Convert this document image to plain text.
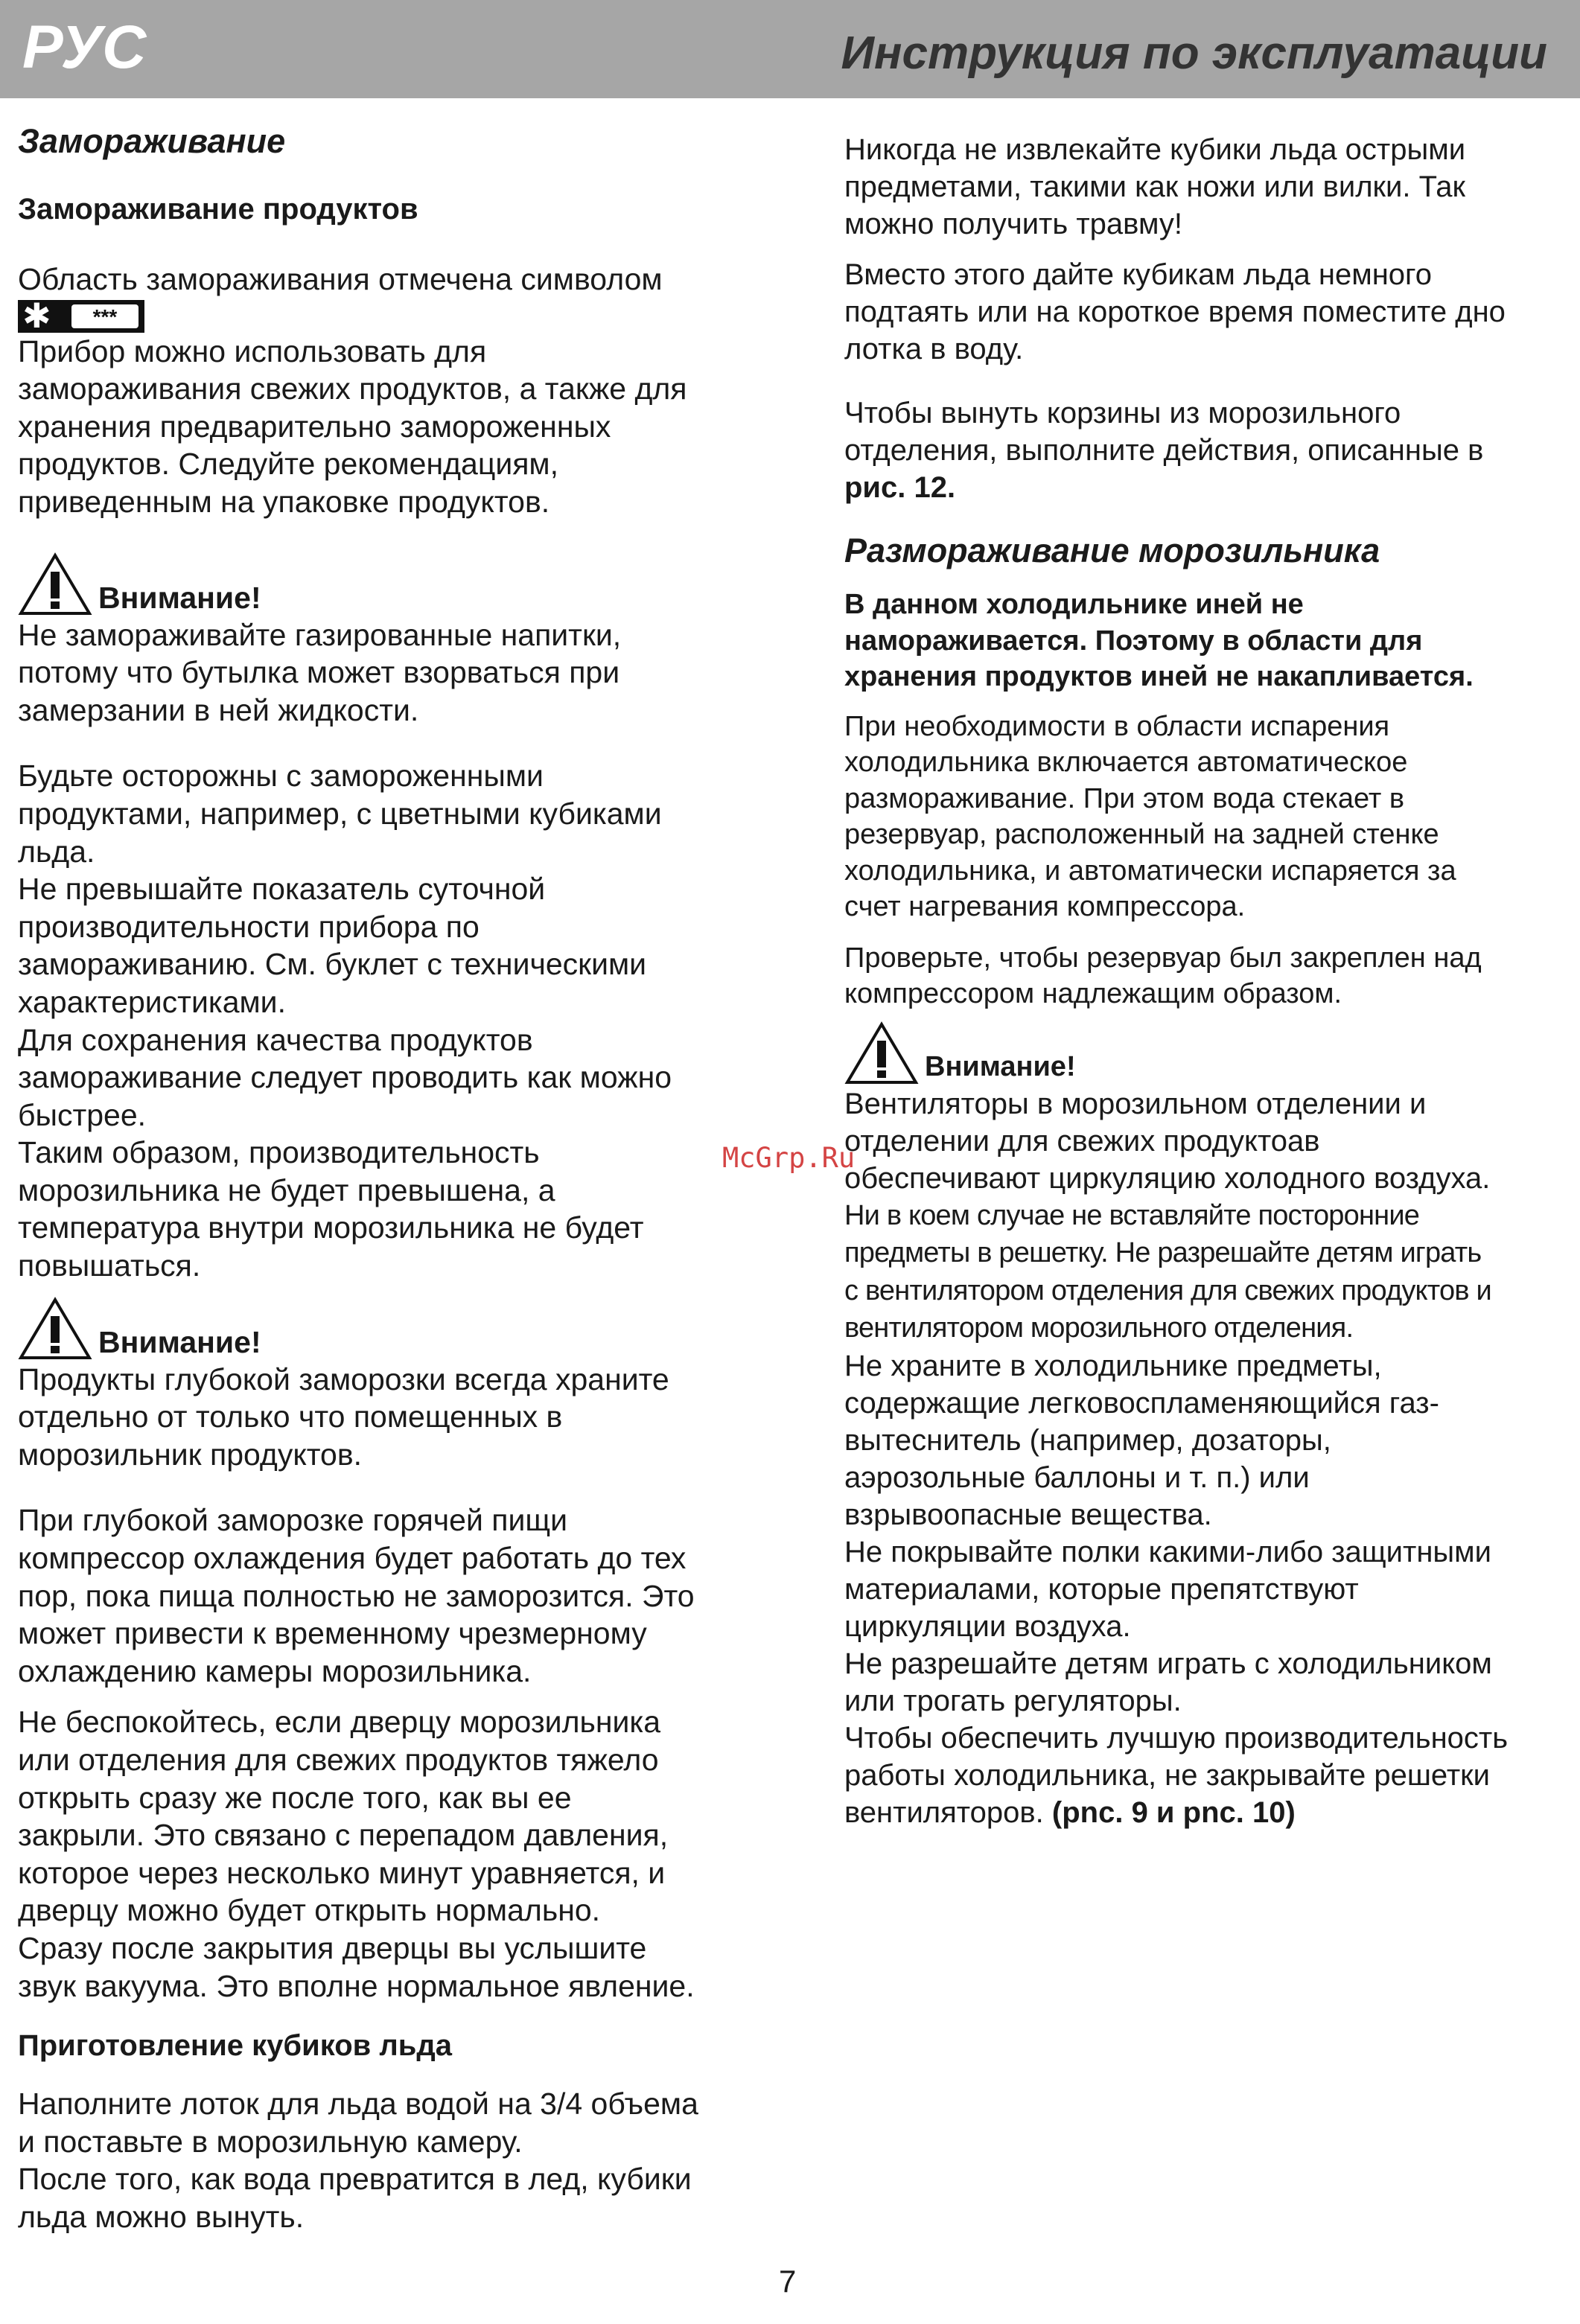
РУС	Инструкция по эксплуатации
Замораживание
Замораживание продуктов

Область замораживания отмечена символом

✱	***

Прибор можно использовать для
замораживания свежих продуктов, а также для
хранения предварительно замороженных
продуктов. Следуйте рекомендациям,
приведенным на упаковке продуктов.

Внимание!

Не замораживайте газированные напитки,
потому что бутылка может взорваться при
замерзании в ней жидкости.

Будьте осторожны с замороженными
продуктами, например, с цветными кубиками
льда.
Не превышайте показатель суточной
производительности прибора по
замораживанию. См. буклет с техническими
характеристиками.
Для сохранения качества продуктов
замораживание следует проводить как можно
быстрее.
Таким образом, производительность
морозильника не будет превышена, а
температура внутри морозильника не будет
повышаться.

Внимание!

Продукты глубокой заморозки всегда храните
отдельно от только что помещенных в
морозильник продуктов.

При глубокой заморозке горячей пищи
компрессор охлаждения будет работать до тех
пор, пока пища полностью не заморозится. Это
может привести к временному чрезмерному
охлаждению камеры морозильника.

Не беспокойтесь, если дверцу морозильника
или отделения для свежих продуктов тяжело
открыть сразу же после того, как вы ее
закрыли. Это связано с перепадом давления,
которое через несколько минут уравняется, и
дверцу можно будет открыть нормально.
Сразу после закрытия дверцы вы услышите
звук вакуума. Это вполне нормальное явление.

Приготовление кубиков льда

Наполните лоток для льда водой на 3/4 объема
и поставьте в морозильную камеру.
После того, как вода превратится в лед, кубики
льда можно вынуть.

Никогда не извлекайте кубики льда острыми
предметами, такими как ножи или вилки. Так
можно получить травму!

Вместо этого дайте кубикам льда немного
подтаять или на короткое время поместите дно
лотка в воду.

Чтобы вынуть корзины из морозильного
отделения, выполните действия, описанные в
рис. 12.

Размораживание морозильника

В данном холодильнике иней не
намораживается. Поэтому в области для
хранения продуктов иней не накапливается.

При необходимости в области испарения
холодильника включается автоматическое
размораживание. При этом вода стекает в
резервуар, расположенный на задней стенке
холодильника, и автоматически испаряется за
счет нагревания компрессора.

Проверьте, чтобы резервуар был закреплен над
компрессором надлежащим образом.

Внимание!

Вентиляторы в морозильном отделении и
отделении для свежих продуктоав
обеспечивают циркуляцию холодного воздуха.

Ни в коем случае не вставляйте посторонние
предметы в решетку. Не разрешайте детям играть
с вентилятором отделения для свежих продуктов и
вентилятором морозильного отделения.

Не храните в холодильнике предметы,
содержащие легковоспламеняющийся газ-
вытеснитель (например, дозаторы,
аэрозольные баллоны и т. п.) или
взрывоопасные вещества.
Не покрывайте полки какими-либо защитными
материалами, которые препятствуют
циркуляции воздуха.
Не разрешайте детям играть с холодильником
или трогать регуляторы.
Чтобы обеспечить лучшую производительность
работы холодильника, не закрывайте решетки
вентиляторов. (рnс. 9 и рnс. 10)

McGrp.Ru
7
